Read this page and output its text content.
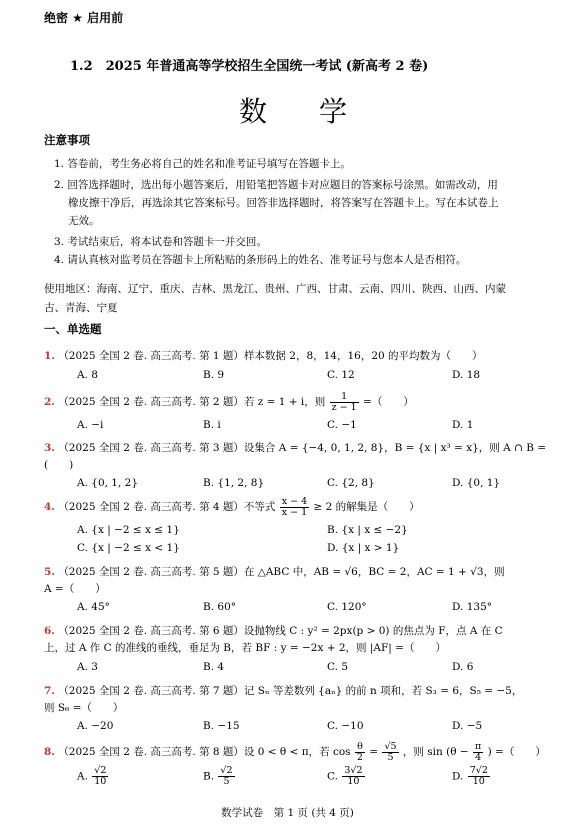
绝密 ★ 启用前
1.2　2025 年普通高等学校招生全国统一考试 (新高考 2 卷)
数　学
注意事项
1. 答卷前，考生务必将自己的姓名和准考证号填写在答题卡上。
2. 回答选择题时，选出每小题答案后，用铅笔把答题卡对应题目的答案标号涂黑。如需改动，用
橡皮擦干净后，再选涂其它答案标号。回答非选择题时，将答案写在答题卡上。写在本试卷上
无效。
3. 考试结束后，将本试卷和答题卡一并交回。
4. 请认真核对监考员在答题卡上所粘贴的条形码上的姓名、准考证号与您本人是否相符。
使用地区：海南、辽宁、重庆、吉林、黑龙江、贵州、广西、甘肃、云南、四川、陕西、山西、内蒙
古、青海、宁夏
一、单选题
1. （2025 全国 2 卷. 高三高考. 第 1 题）样本数据 2，8，14，16，20 的平均数为（　　）
A. 8	B. 9	C. 12	D. 18
2. （2025 全国 2 卷. 高三高考. 第 2 题）若 z = 1 + i，则 $\frac{1}{z - 1}$ =（　　）
A. −i	B. i	C. −1	D. 1
3. （2025 全国 2 卷. 高三高考. 第 3 题）设集合 A = {−4, 0, 1, 2, 8}，B = {x | x³ = x}，则 A ∩ B =
(　　)
A. {0, 1, 2}	B. {1, 2, 8}	C. {2, 8}	D. {0, 1}
4. （2025 全国 2 卷. 高三高考. 第 4 题）不等式 $\frac{x - 4}{x - 1} \ge 2$ 的解集是（　　）
A. {x | −2 ≤ x ≤ 1}	B. {x | x ≤ −2}
C. {x | −2 ≤ x < 1}	D. {x | x > 1}
5. （2025 全国 2 卷. 高三高考. 第 5 题）在 △ABC 中，AB = √6，BC = 2，AC = 1 + √3，则
A =（　　）
A. 45°	B. 60°	C. 120°	D. 135°
6. （2025 全国 2 卷. 高三高考. 第 6 题）设抛物线 C : y² = 2px(p > 0) 的焦点为 F，点 A 在 C
上，过 A 作 C 的准线的垂线，垂足为 B，若 BF : y = −2x + 2，则 |AF| =（　　）
A. 3	B. 4	C. 5	D. 6
7. （2025 全国 2 卷. 高三高考. 第 7 题）记 Sₙ 等差数列 {aₙ} 的前 n 项和，若 S₃ = 6，S₅ = −5，
则 S₆ =（　　）
A. −20	B. −15	C. −10	D. −5
8. （2025 全国 2 卷. 高三高考. 第 8 题）设 0 < θ < π，若 $\cos \frac{\theta}{2} = \frac{√5}{5}$ ，则 $\sin (\theta - \frac{\pi}{4}$ ) =（　　）
A. $\frac{√2}{10}$	B. $\frac{√2}{5}$	C. $\frac{3√2}{10}$	D. $\frac{7√2}{10}$
数学试卷　第 1 页 (共 4 页)
